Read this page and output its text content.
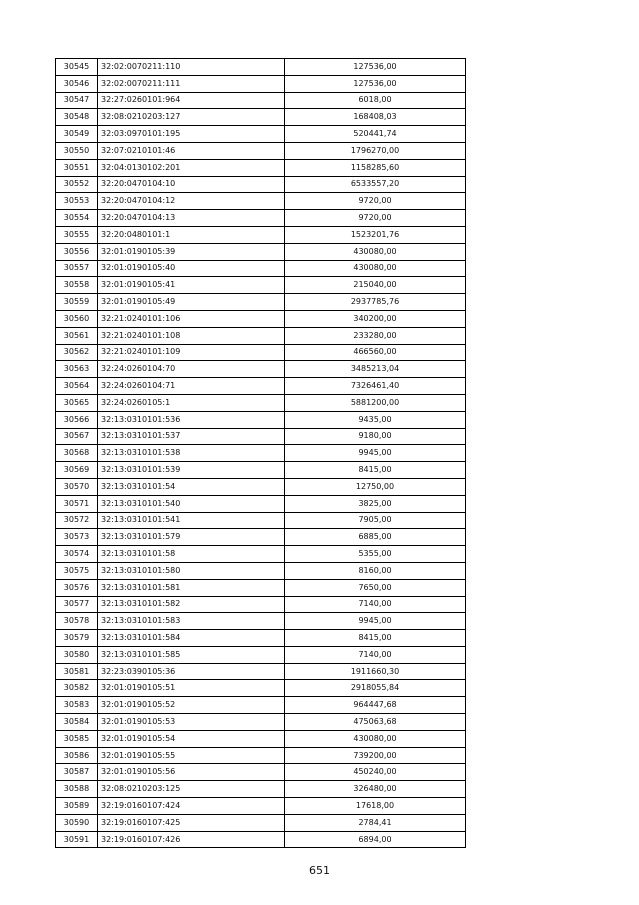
30545	32:02:0070211:110	127536,00
30546	32:02:0070211:111	127536,00
30547	32:27:0260101:964	6018,00
30548	32:08:0210203:127	168408,03
30549	32:03:0970101:195	520441,74
30550	32:07:0210101:46	1796270,00
30551	32:04:0130102:201	1158285,60
30552	32:20:0470104:10	6533557,20
30553	32:20:0470104:12	9720,00
30554	32:20:0470104:13	9720,00
30555	32:20:0480101:1	1523201,76
30556	32:01:0190105:39	430080,00
30557	32:01:0190105:40	430080,00
30558	32:01:0190105:41	215040,00
30559	32:01:0190105:49	2937785,76
30560	32:21:0240101:106	340200,00
30561	32:21:0240101:108	233280,00
30562	32:21:0240101:109	466560,00
30563	32:24:0260104:70	3485213,04
30564	32:24:0260104:71	7326461,40
30565	32:24:0260105:1	5881200,00
30566	32:13:0310101:536	9435,00
30567	32:13:0310101:537	9180,00
30568	32:13:0310101:538	9945,00
30569	32:13:0310101:539	8415,00
30570	32:13:0310101:54	12750,00
30571	32:13:0310101:540	3825,00
30572	32:13:0310101:541	7905,00
30573	32:13:0310101:579	6885,00
30574	32:13:0310101:58	5355,00
30575	32:13:0310101:580	8160,00
30576	32:13:0310101:581	7650,00
30577	32:13:0310101:582	7140,00
30578	32:13:0310101:583	9945,00
30579	32:13:0310101:584	8415,00
30580	32:13:0310101:585	7140,00
30581	32:23:0390105:36	1911660,30
30582	32:01:0190105:51	2918055,84
30583	32:01:0190105:52	964447,68
30584	32:01:0190105:53	475063,68
30585	32:01:0190105:54	430080,00
30586	32:01:0190105:55	739200,00
30587	32:01:0190105:56	450240,00
30588	32:08:0210203:125	326480,00
30589	32:19:0160107:424	17618,00
30590	32:19:0160107:425	2784,41
30591	32:19:0160107:426	6894,00
651
